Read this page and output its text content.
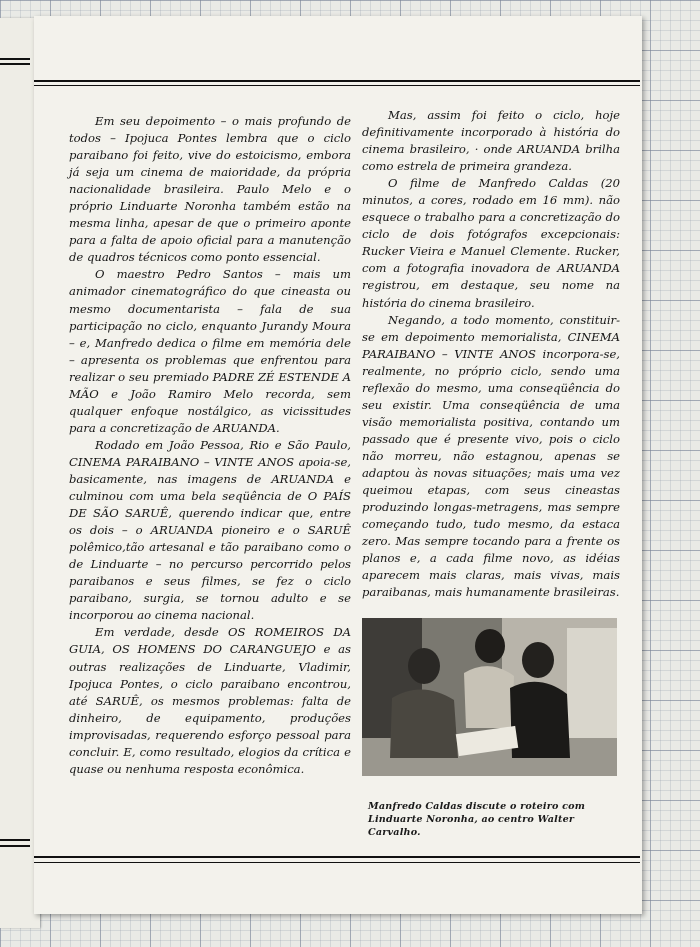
Em seu depoimento – o mais profundo de todos – Ipojuca Pontes lembra que o ciclo paraibano foi feito, vive do estoicismo, embora já seja um cinema de maioridade, da própria nacionalidade brasileira. Paulo Melo e o próprio Linduarte Noronha também estão na mesma linha, apesar de que o primeiro aponte para a falta de apoio oficial para a manutenção de quadros técnicos como ponto essencial.

O maestro Pedro Santos – mais um animador cinematográfico do que cineasta ou mesmo documentarista – fala de sua participação no ciclo, enquanto Jurandy Moura – e, Manfredo dedica o filme em memória dele – apresenta os problemas que enfrentou para realizar o seu premiado PADRE ZÉ ESTENDE A MÃO e João Ramiro Melo recorda, sem qualquer enfoque nostálgico, as vicissitudes para a concretização de ARUANDA.

Rodado em João Pessoa, Rio e São Paulo, CINEMA PARAIBANO – VINTE ANOS apoia-se, basicamente, nas imagens de ARUANDA e culminou com uma bela seqüência de O PAÍS DE SÃO SARUÊ, querendo indicar que, entre os dois – o ARUANDA pioneiro e o SARUÊ polêmico,tão artesanal e tão paraibano como o de Linduarte – no percurso percorrido pelos paraibanos e seus filmes, se fez o ciclo paraibano, surgia, se tornou adulto e se incorporou ao cinema nacional.

Em verdade, desde OS ROMEIROS DA GUIA, OS HOMENS DO CARANGUEJO e as outras realizações de Linduarte, Vladimir, Ipojuca Pontes, o ciclo paraibano encontrou, até SARUÊ, os mesmos problemas: falta de dinheiro, de equipamento, produções improvisadas, requerendo esforço pessoal para concluir. E, como resultado, elogios da crítica e quase ou nenhuma resposta econômica.

Mas, assim foi feito o ciclo, hoje definitivamente incorporado à história do cinema brasileiro, · onde ARUANDA brilha como estrela de primeira grandeza.

O filme de Manfredo Caldas (20 minutos, a cores, rodado em 16 mm). não esquece o trabalho para a concretização do ciclo de dois fotógrafos excepcionais: Rucker Vieira e Manuel Clemente. Rucker, com a fotografia inovadora de ARUANDA registrou, em destaque, seu nome na história do cinema brasileiro.

Negando, a todo momento, constituir-se em depoimento memorialista, CINEMA PARAIBANO – VINTE ANOS incorpora-se, realmente, no próprio ciclo, sendo uma reflexão do mesmo, uma conseqüência do seu existir. Uma conseqüência de uma visão memorialista positiva, contando um passado que é presente vivo, pois o ciclo não morreu, não estagnou, apenas se adaptou às novas situações; mais uma vez queimou etapas, com seus cineastas produzindo longas-metragens, mas sempre começando tudo, tudo mesmo, da estaca zero. Mas sempre tocando para a frente os planos e, a cada filme novo, as idéias aparecem mais claras, mais vivas, mais paraibanas, mais humanamente brasileiras.

Manfredo Caldas discute o roteiro com Linduarte Noronha, ao centro Walter Carvalho.
